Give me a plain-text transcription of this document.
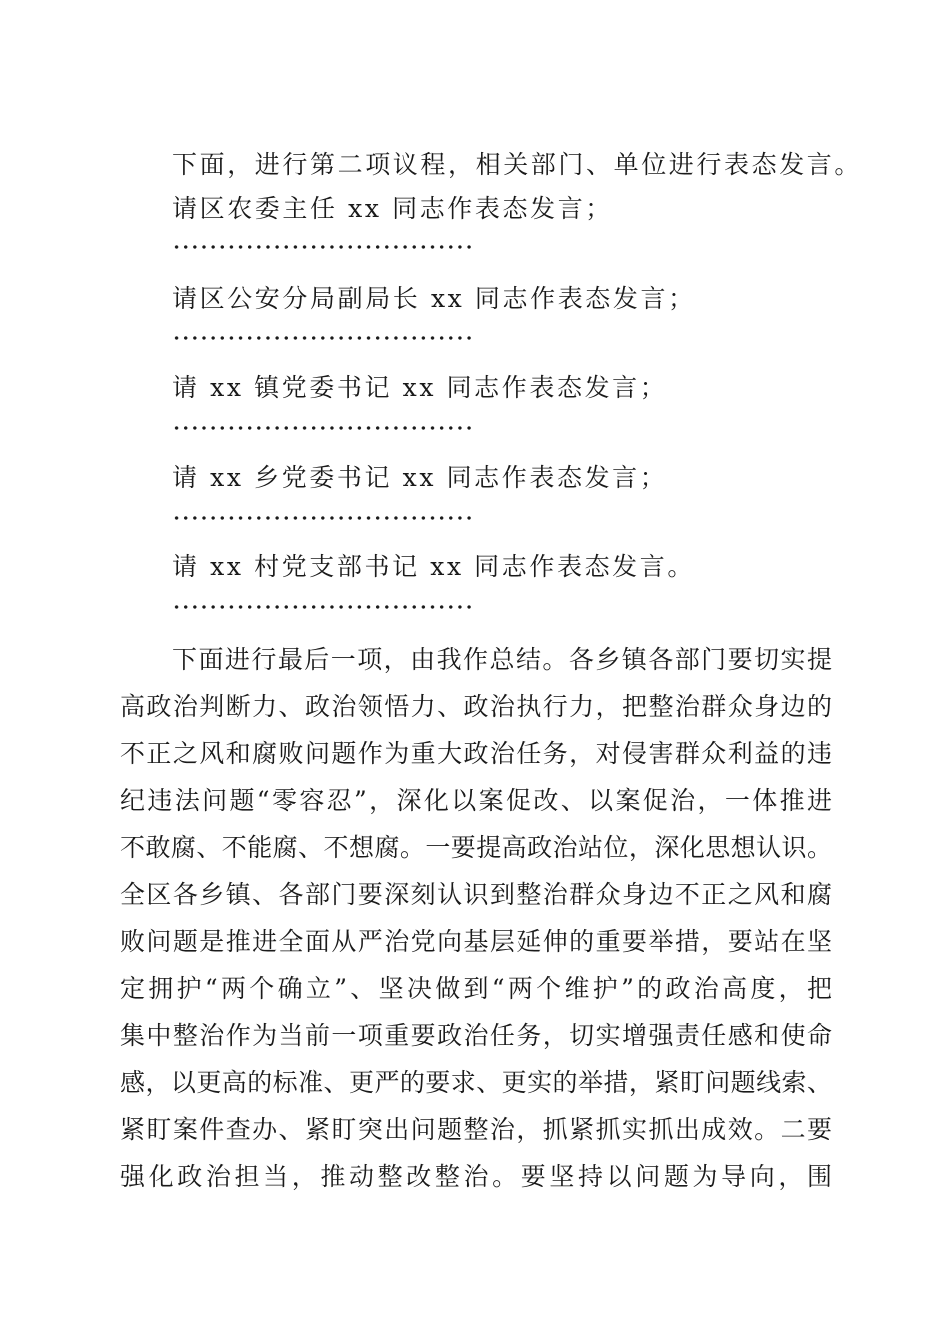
下面，进行第二项议程，相关部门、单位进行表态发言。
请区农委主任 xx 同志作表态发言；
请区公安分局副局长 xx 同志作表态发言；
请 xx 镇党委书记 xx 同志作表态发言；
请 xx 乡党委书记 xx 同志作表态发言；
请 xx 村党支部书记 xx 同志作表态发言。
下面进行最后一项，由我作总结。各乡镇各部门要切实提
高政治判断力、政治领悟力、政治执行力，把整治群众身边的
不正之风和腐败问题作为重大政治任务，对侵害群众利益的违
纪违法问题“零容忍”，深化以案促改、以案促治，一体推进
不敢腐、不能腐、不想腐。一要提高政治站位，深化思想认识。
全区各乡镇、各部门要深刻认识到整治群众身边不正之风和腐
败问题是推进全面从严治党向基层延伸的重要举措，要站在坚
定拥护“两个确立”、坚决做到“两个维护”的政治高度，把
集中整治作为当前一项重要政治任务，切实增强责任感和使命
感，以更高的标准、更严的要求、更实的举措，紧盯问题线索、
紧盯案件查办、紧盯突出问题整治，抓紧抓实抓出成效。二要
强化政治担当，推动整改整治。要坚持以问题为导向，围
